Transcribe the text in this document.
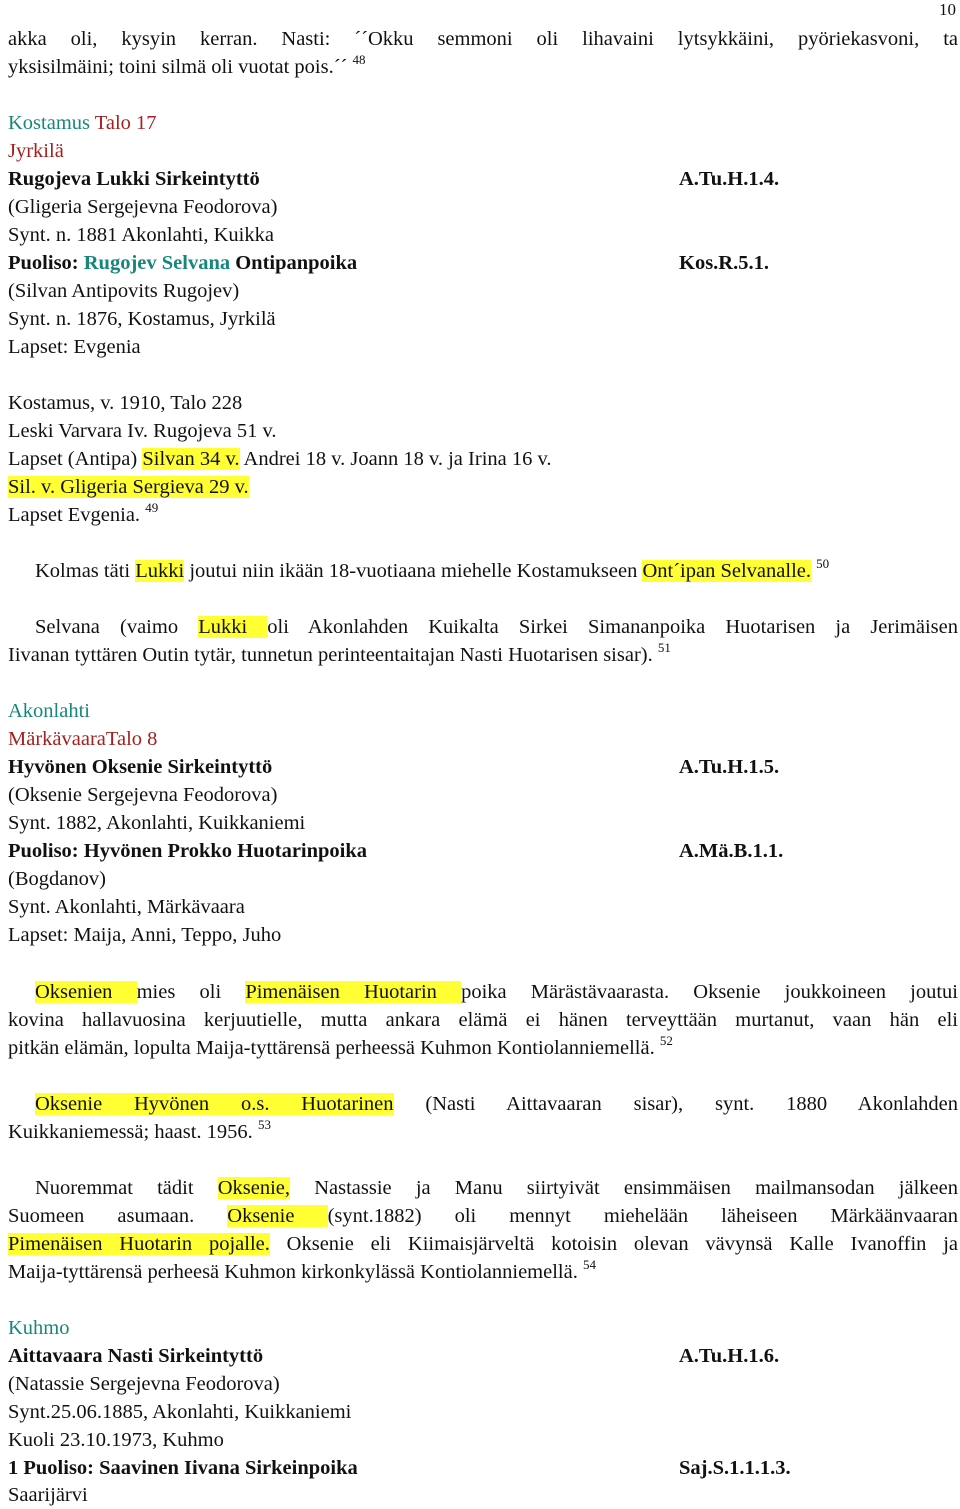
10
akka oli, kysyin kerran. Nasti: ´´Okku semmoni oli lihavaini lytsykkäini, pyöriekasvoni, ta
yksisilmäini; toini silmä oli vuotat pois.´´ $^{48}$
Kostamus Talo 17
Jyrkilä
Rugojeva Lukki Sirkeintyttö	A.Tu.H.1.4.
(Gligeria Sergejevna Feodorova)
Synt. n. 1881 Akonlahti, Kuikka
Puoliso: Rugojev Selvana Ontipanpoika	Kos.R.5.1.
(Silvan Antipovits Rugojev)
Synt. n. 1876, Kostamus, Jyrkilä
Lapset: Evgenia
Kostamus, v. 1910, Talo 228
Leski Varvara Iv. Rugojeva 51 v.
Lapset (Antipa) Silvan 34 v. Andrei 18 v. Joann 18 v. ja Irina 16 v.
Sil. v. Gligeria Sergieva 29 v.
Lapset Evgenia. $^{49}$
Kolmas täti Lukki joutui niin ikään 18-vuotiaana miehelle Kostamukseen Ont´ipan Selvanalle. $^{50}$
Selvana (vaimo Lukki oli Akonlahden Kuikalta Sirkei Simananpoika Huotarisen ja Jerimäisen
Iivanan tyttären Outin tytär, tunnetun perinteentaitajan Nasti Huotarisen sisar). $^{51}$
Akonlahti
MärkävaaraTalo 8
Hyvönen Oksenie Sirkeintyttö	A.Tu.H.1.5.
(Oksenie Sergejevna Feodorova)
Synt. 1882, Akonlahti, Kuikkaniemi
Puoliso: Hyvönen Prokko Huotarinpoika	A.Mä.B.1.1.
(Bogdanov)
Synt. Akonlahti, Märkävaara
Lapset: Maija, Anni, Teppo, Juho
Oksenien mies oli Pimenäisen Huotarin poika Märästävaarasta. Oksenie joukkoineen joutui
kovina hallavuosina kerjuutielle, mutta ankara elämä ei hänen terveyttään murtanut, vaan hän eli
pitkän elämän, lopulta Maija-tyttärensä perheessä Kuhmon Kontiolanniemellä. $^{52}$
Oksenie Hyvönen o.s. Huotarinen (Nasti Aittavaaran sisar), synt. 1880 Akonlahden
Kuikkaniemessä; haast. 1956. $^{53}$
Nuoremmat tädit Oksenie, Nastassie ja Manu siirtyivät ensimmäisen mailmansodan jälkeen
Suomeen asumaan. Oksenie (synt.1882) oli mennyt miehelään läheiseen Märkäänvaaran
Pimenäisen Huotarin pojalle. Oksenie eli Kiimaisjärveltä kotoisin olevan vävynsä Kalle Ivanoffin ja
Maija-tyttärensä perheesä Kuhmon kirkonkylässä Kontiolanniemellä. $^{54}$
Kuhmo
Aittavaara Nasti Sirkeintyttö	A.Tu.H.1.6.
(Natassie Sergejevna Feodorova)
Synt.25.06.1885, Akonlahti, Kuikkaniemi
Kuoli 23.10.1973, Kuhmo
1 Puoliso: Saavinen Iivana Sirkeinpoika	Saj.S.1.1.1.3.
Saarijärvi
